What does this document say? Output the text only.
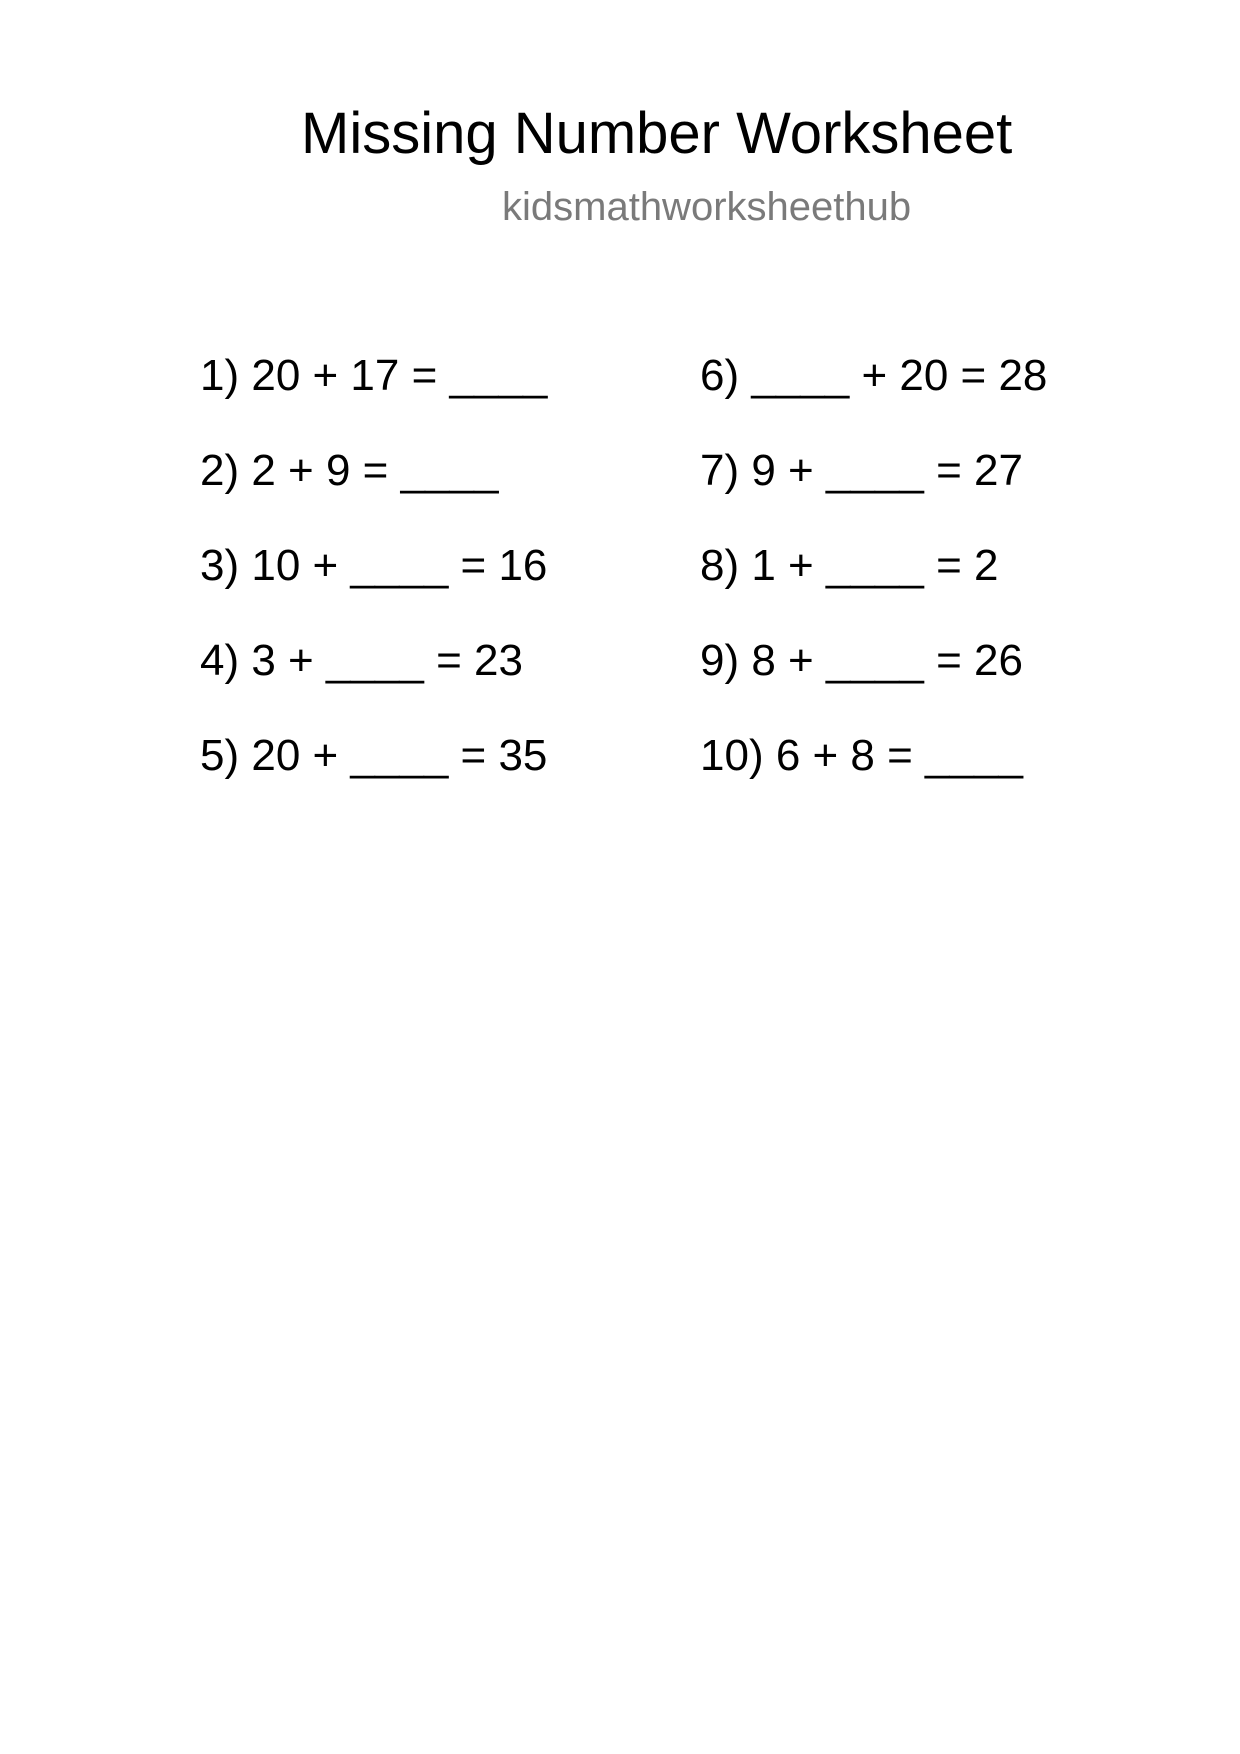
Missing Number Worksheet
kidsmathworksheethub
1) 20 + 17 = ____
2) 2 + 9 = ____
3) 10 + ____ = 16
4) 3 + ____ = 23
5) 20 + ____ = 35
6) ____ + 20 = 28
7) 9 + ____ = 27
8) 1 + ____ = 2
9) 8 + ____ = 26
10) 6 + 8 = ____
